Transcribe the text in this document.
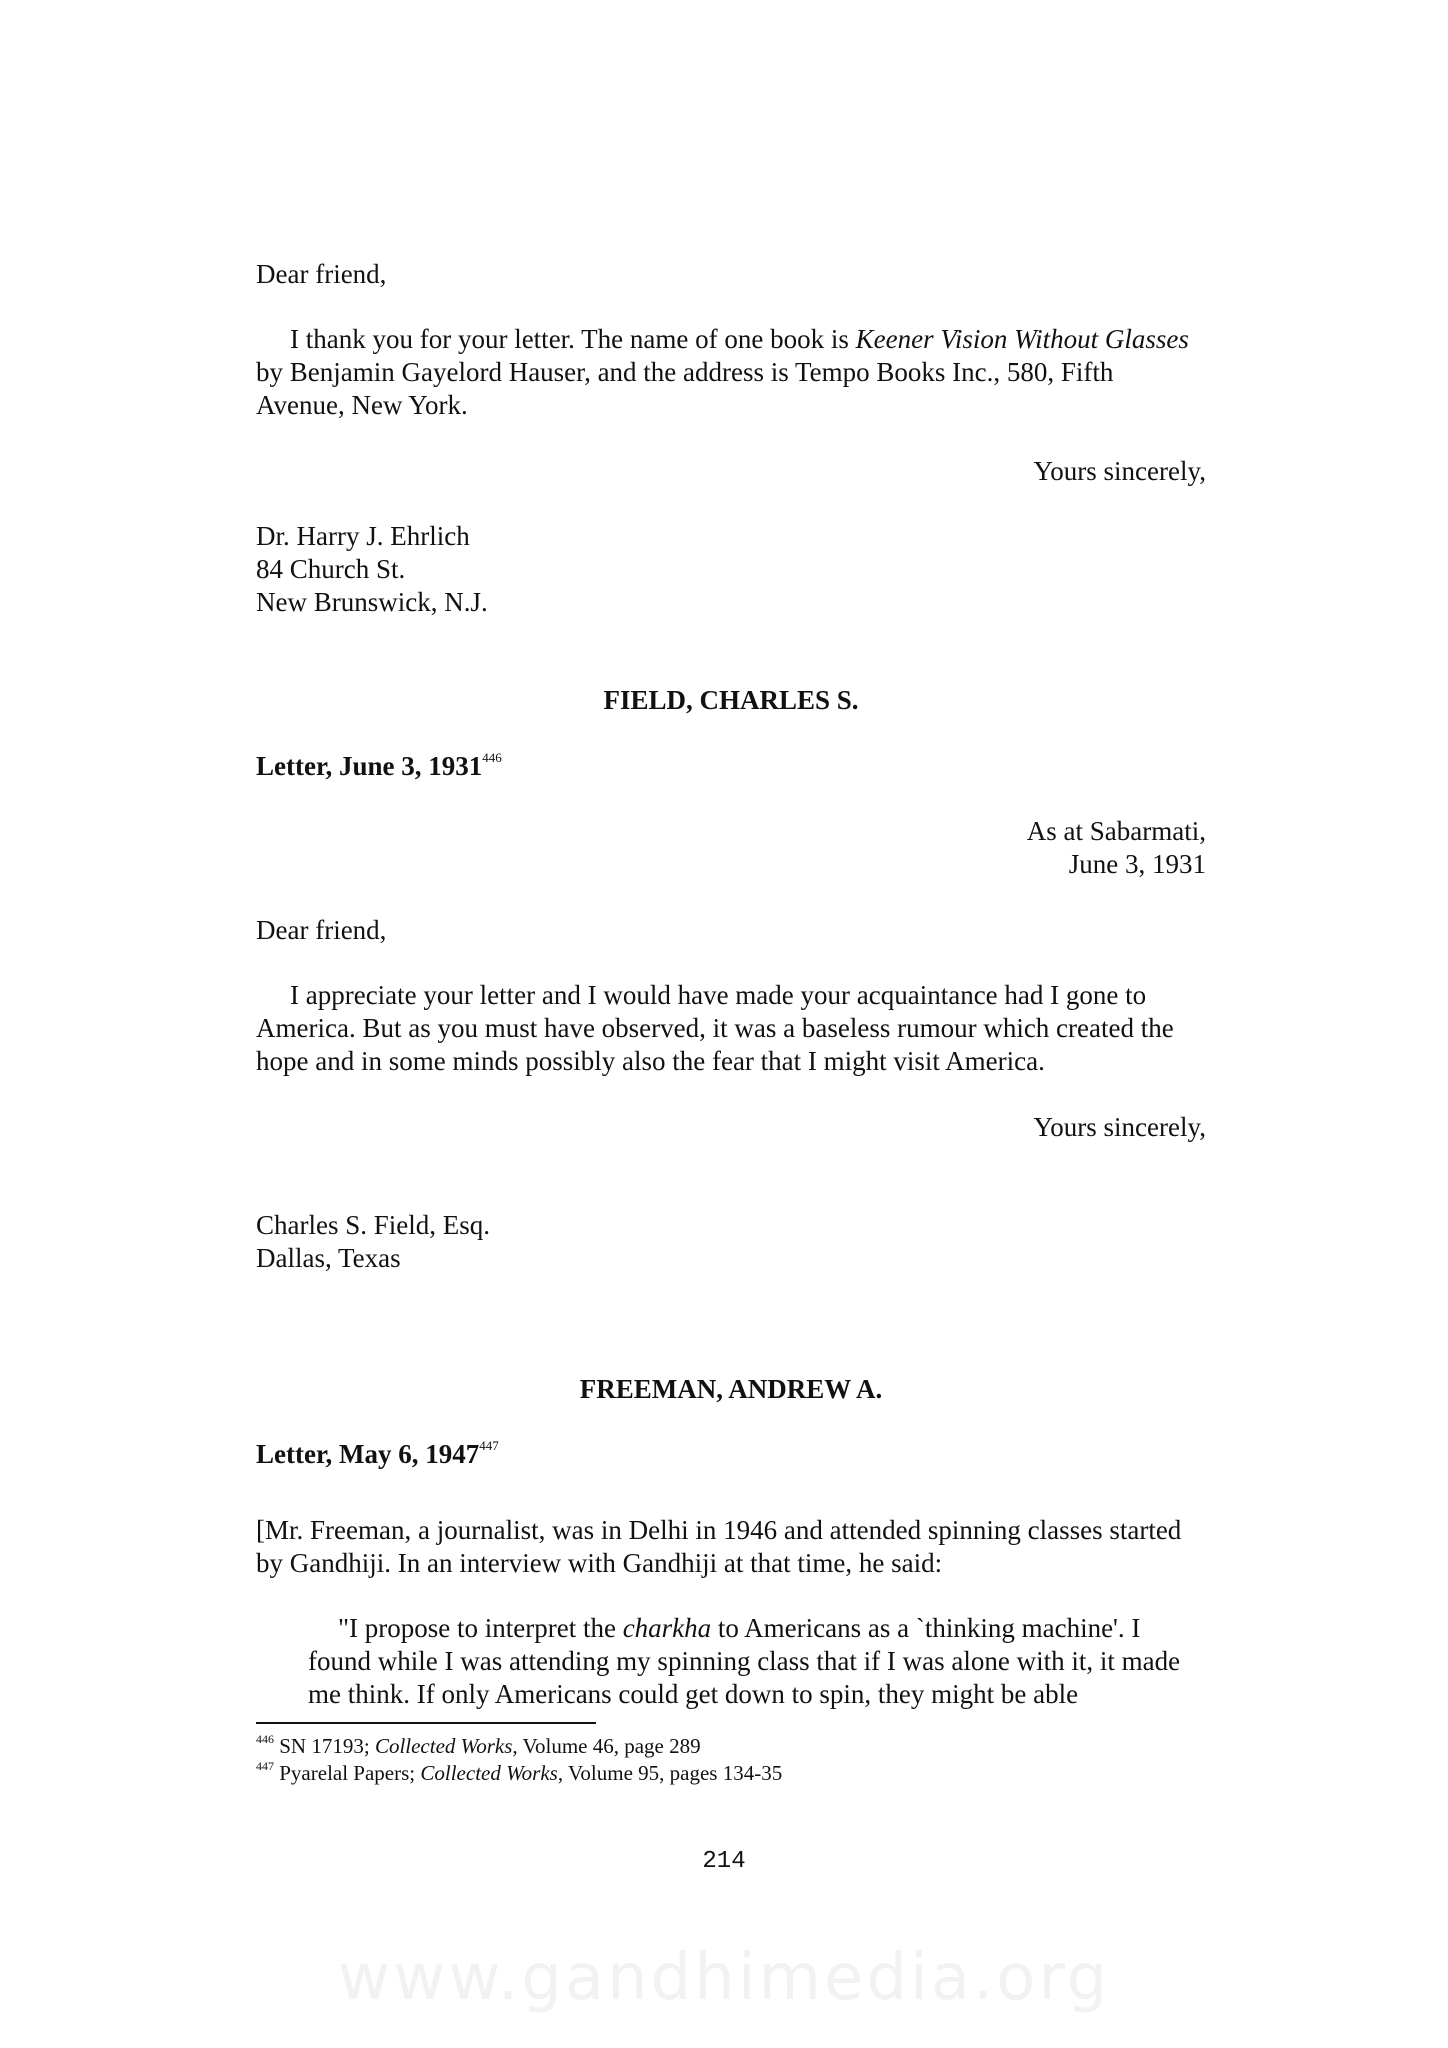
Dear friend,

I thank you for your letter. The name of one book is Keener Vision Without Glasses by Benjamin Gayelord Hauser, and the address is Tempo Books Inc., 580, Fifth Avenue, New York.

Yours sincerely,

Dr. Harry J. Ehrlich
84 Church St.
New Brunswick, N.J.

FIELD, CHARLES S.

Letter, June 3, 1931$^{446}$

As at Sabarmati,
June 3, 1931

Dear friend,

I appreciate your letter and I would have made your acquaintance had I gone to America. But as you must have observed, it was a baseless rumour which created the hope and in some minds possibly also the fear that I might visit America.

Yours sincerely,

Charles S. Field, Esq.
Dallas, Texas

FREEMAN, ANDREW A.

Letter, May 6, 1947$^{447}$

[Mr. Freeman, a journalist, was in Delhi in 1946 and attended spinning classes started by Gandhiji. In an interview with Gandhiji at that time, he said:

"I propose to interpret the charkha to Americans as a `thinking machine'. I found while I was attending my spinning class that if I was alone with it, it made me think. If only Americans could get down to spin, they might be able

$^{446}$ SN 17193; Collected Works, Volume 46, page 289
$^{447}$ Pyarelal Papers; Collected Works, Volume 95, pages 134-35
214
www.gandhimedia.org
